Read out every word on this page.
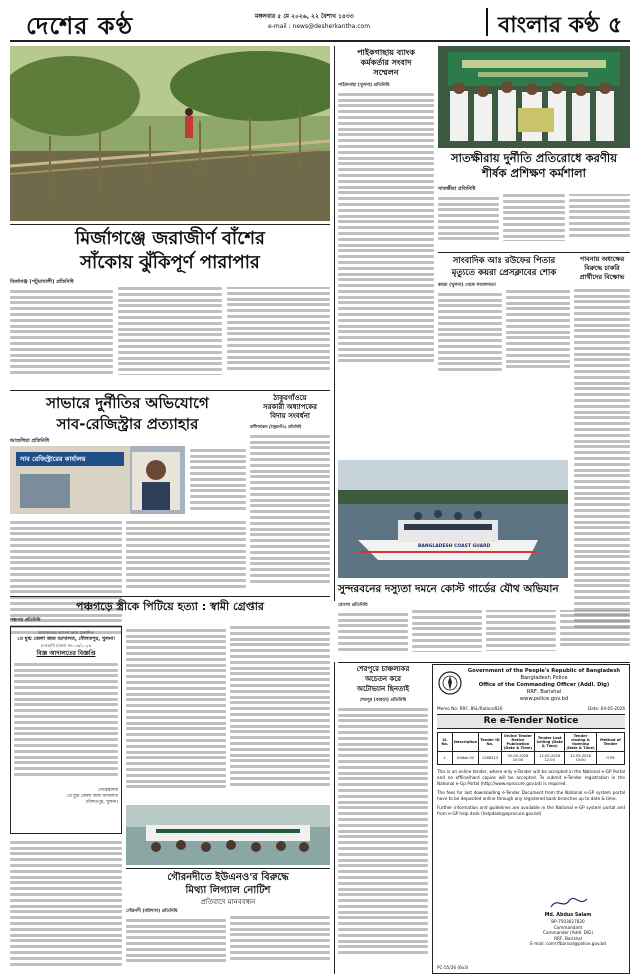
দেশের কণ্ঠ	মঙ্গলবার ৫ মে ২০২৬, ২২ বৈশাখ ১৪৩৩
e-mail : news@desherkantha.com	বাংলার কণ্ঠ ৫
পাইকগাছায় ব্যাংক
কর্মকর্তার সংবাদ
সম্মেলন
পাইকগাছা (খুলনা) প্রতিনিধি
সাতক্ষীরায় দুর্নীতি প্রতিরোধে করণীয়
শীর্ষক প্রশিক্ষণ কর্মশালা
সাতক্ষীরা প্রতিনিধি
মির্জাগঞ্জে জরাজীর্ণ বাঁশের
সাঁকোয় ঝুঁকিপূর্ণ পারাপার
মির্জাগঞ্জ (পটুয়াখালী) প্রতিনিধি
সাংবাদিক আঃ রউফের পিতার
মৃত্যুতে কয়রা প্রেসক্লাবের শোক
কয়রা (খুলনা) থেকে সংবাদদাতা
পাবনায় অধ্যক্ষের
বিরুদ্ধে চাকরি
প্রার্থীদের বিক্ষোভ
সাভারে দুর্নীতির অভিযোগে
সাব-রেজিস্ট্রার প্রত্যাহার
ঠাকুরগাঁওয়ে
সরকারী অধ্যাপকের
বিদায় সংবর্ধনা
রানীশংকৈল (ঠাকুরগাঁও) প্রতিনিধি
আশুলিয়া প্রতিনিধি
সাব রেজিস্ট্রারের কার্যালয়
BANGLADESH COAST GUARD
পঞ্চগড়ে স্ত্রীকে পিটিয়ে হত্যা : স্বামী গ্রেপ্তার
পঞ্চগড় প্রতিনিধি
সুন্দরবনের দস্যুতা দমনে কোস্ট গার্ডের যৌথ অভিযান
মোংলা প্রতিনিধি
আদালতের আদেশ ক্রমে প্রকাশিত
১ম যুগ্ম জেলা জজ আদালত, দৌলতপুর, খুলনা।
দেওয়ানি মামলা নং-০৬/২০২৬
বিজ্ঞ আদালতের বিজ্ঞপ্তি
সেরেস্তাদার
১ম যুগ্ম জেলা জজ আদালত
দৌলতপুর, খুলনা।
গৌরনদীতে ইউএনও'র বিরুদ্ধে
মিথ্যা লিগ্যাল নোটিশ
প্রতিবাদে মানববন্ধন
গৌরনদী (বরিশাল) প্রতিনিধি
শেরপুরে চাঞ্চল্যকর
অচেতন করে
অটোভ্যান ছিনতাই
শেরপুর (বগুড়া) প্রতিনিধি
Government of the People's Republic of Bangladesh
Bangladesh Police
Office of the Commanding Officer (Addl. Dig)
RRF, Barishal
www.police.gov.bd
Memo No: RRF, BSL/Ration/826	Date: 04-05-2026
Re e-Tender Notice
Sl. No.	Description	Tender ID No.	Online Tender Notice Publication (Date & Time)	Tender Last Selling (Date & Time)	Tender closing & Opening (Date & Time)	Method of Tender
1.	Edible Oil	1268323	05-05-2026 10:00	12-05-2026 12:00	12-05-2026 13:00	OTM

This is an online tender, where only e-Tender will be accepted in the National e-GP Portal and no offline/hard copies will be accepted. To submit e-Tender registration in the National e-Gp Portal (http://www.eprocure.gov.bd) is required.

The fees for last downloading e-Tender Document from the National e-GP system portal have to be deposited online through any registered bank branches up to date & time.

Further information and guidelines are available in the National e-GP system portal and from e-GP help desk (helpdesk@eprocure.gov.bd)

Md. Abdus Salam
BP-7503027820
Commandant
Commander (Addl. DIG)
RRF, Barishal
E-mail: comrrfbarisal@police.gov.bd
PC-55/26 (6x3)
